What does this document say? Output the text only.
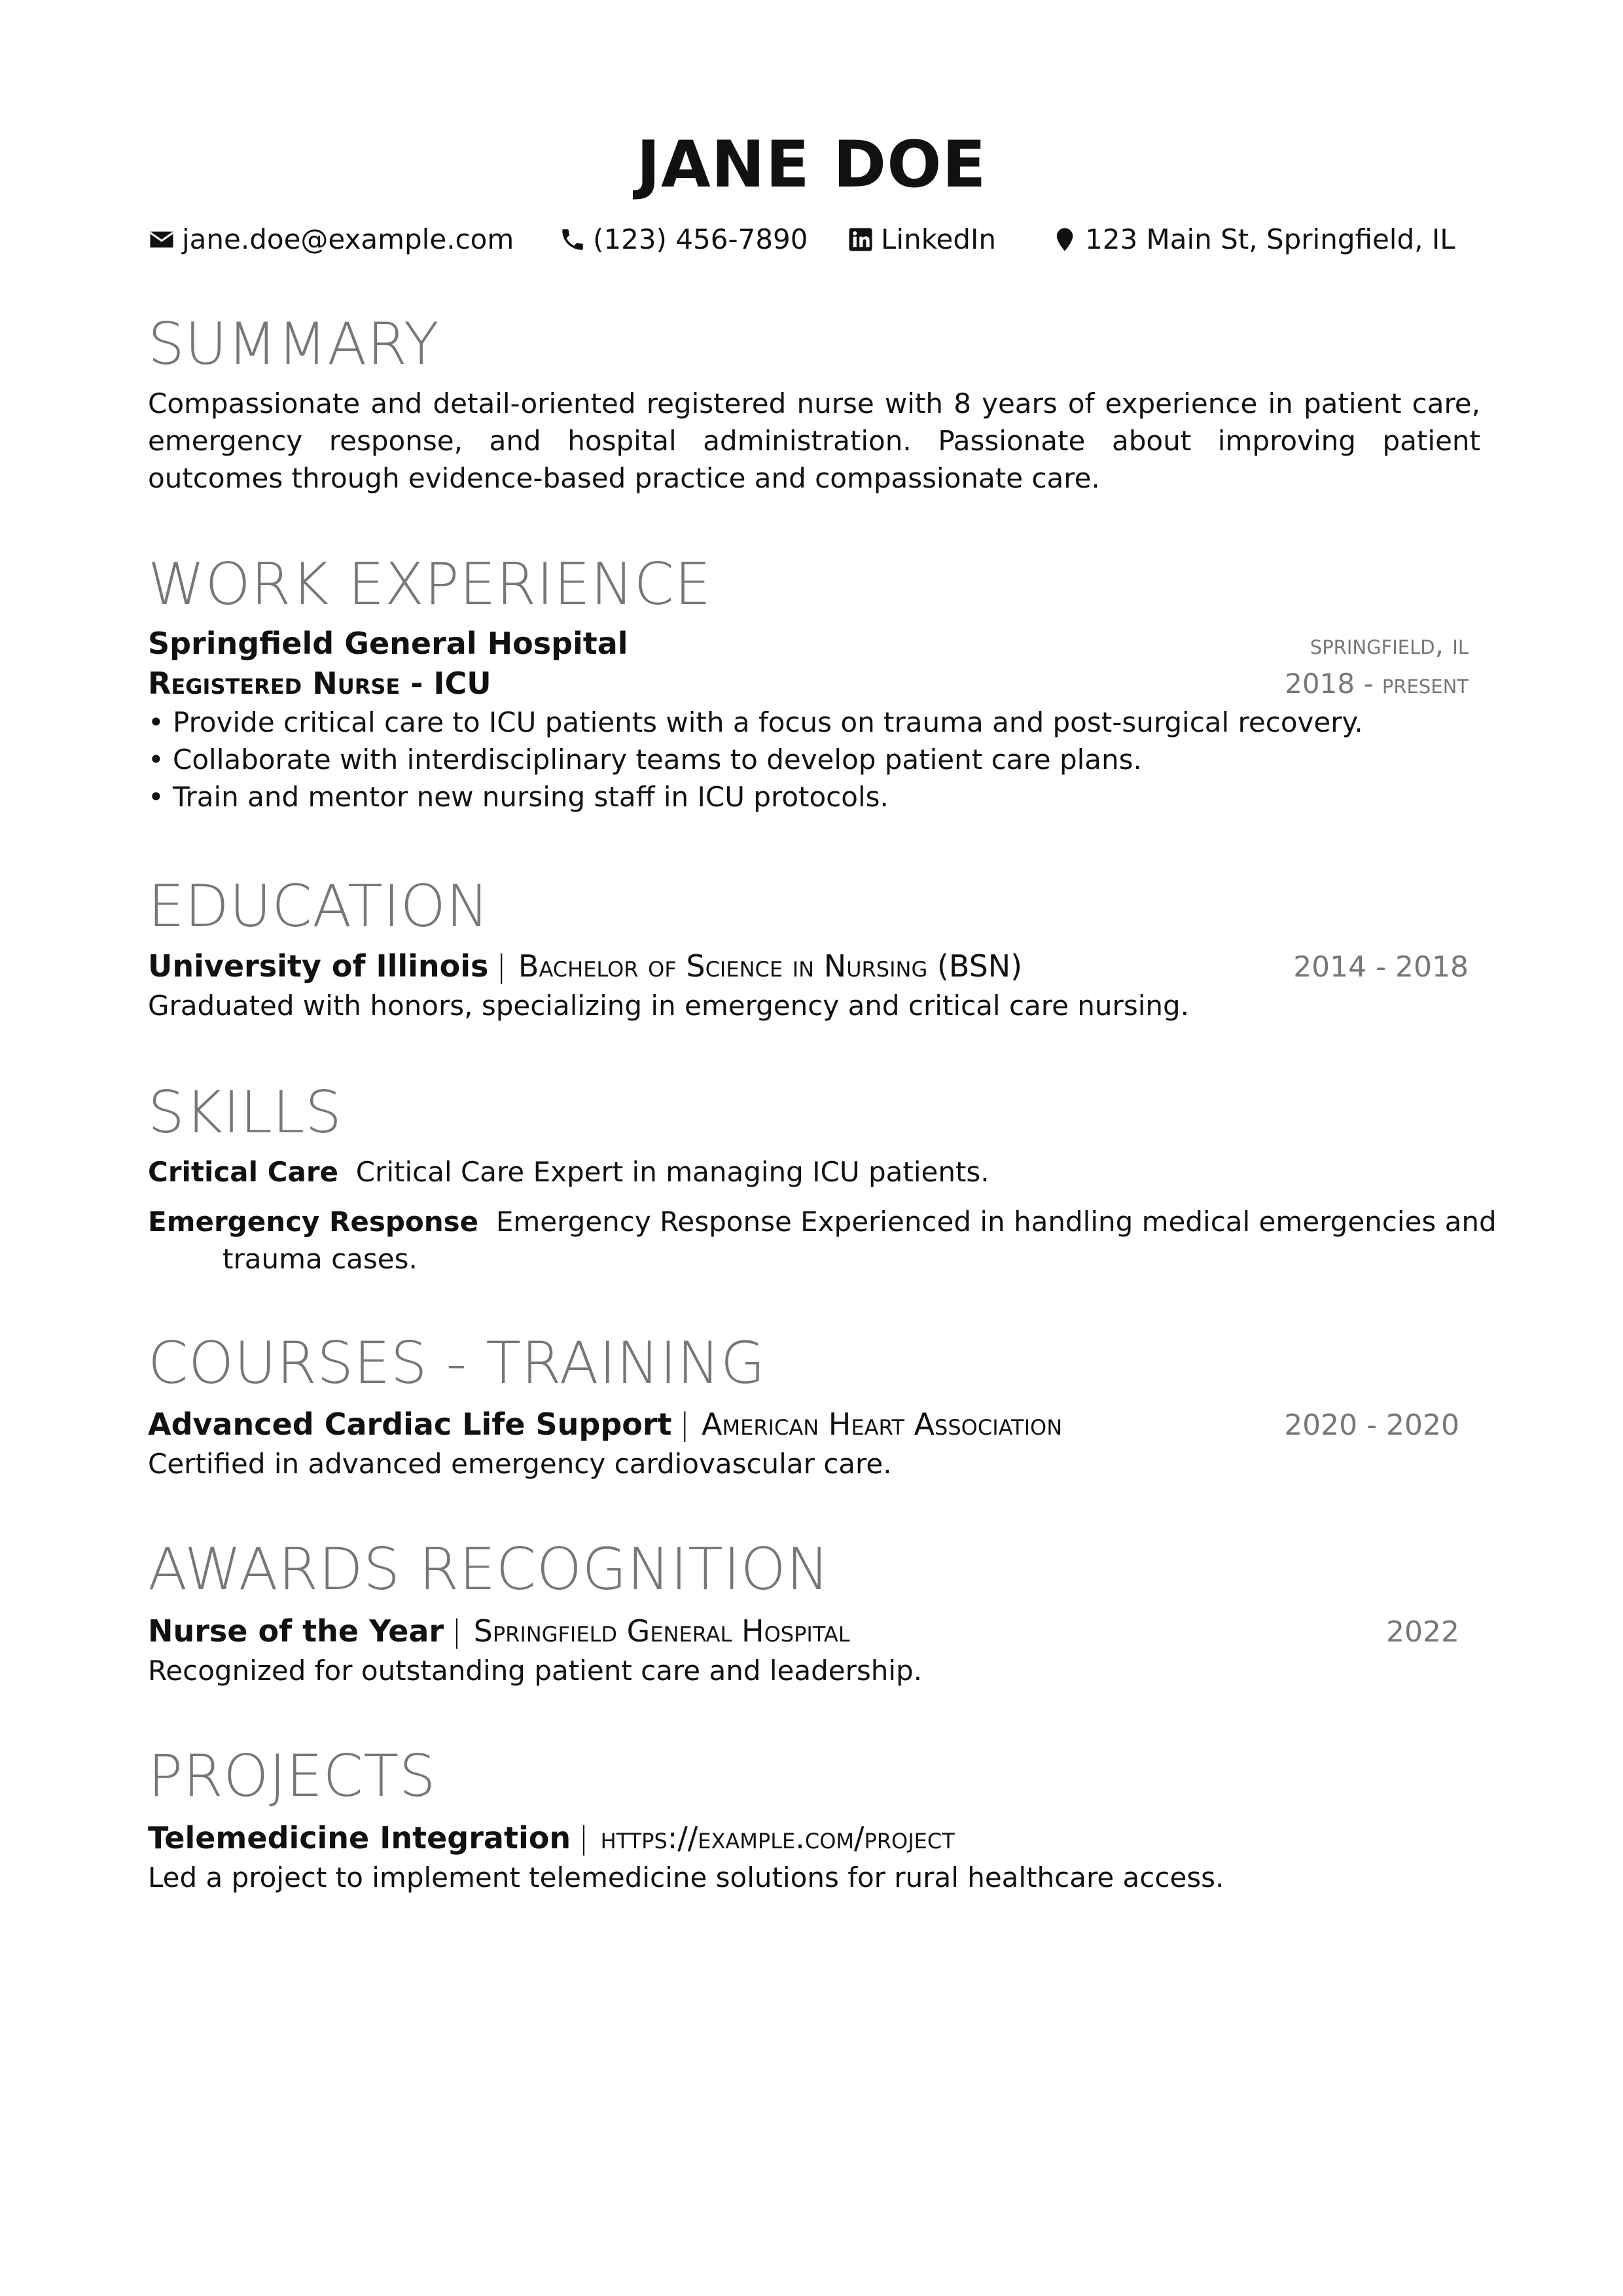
JANE DOE
jane.doe@example.com	(123) 456-7890	LinkedIn	123 Main St, Springfield, IL
SUMMARY
Compassionate and detail-oriented registered nurse with 8 years of experience in patient care, emergency response, and hospital administration. Passionate about improving patient outcomes through evidence-based practice and compassionate care.
WORK EXPERIENCE
Springfield General Hospital	springfield, il
Registered Nurse - ICU	2018 - present
• Provide critical care to ICU patients with a focus on trauma and post-surgical recovery.
• Collaborate with interdisciplinary teams to develop patient care plans.
• Train and mentor new nursing staff in ICU protocols.
EDUCATION
University of Illinois | Bachelor of Science in Nursing (BSN)	2014 - 2018
Graduated with honors, specializing in emergency and critical care nursing.
SKILLS
Critical Care Critical Care Expert in managing ICU patients.
Emergency Response Emergency Response Experienced in handling medical emergencies and
trauma cases.
COURSES - TRAINING
Advanced Cardiac Life Support | American Heart Association	2020 - 2020
Certified in advanced emergency cardiovascular care.
AWARDS RECOGNITION
Nurse of the Year | Springfield General Hospital	2022
Recognized for outstanding patient care and leadership.
PROJECTS
Telemedicine Integration | https://example.com/project
Led a project to implement telemedicine solutions for rural healthcare access.
